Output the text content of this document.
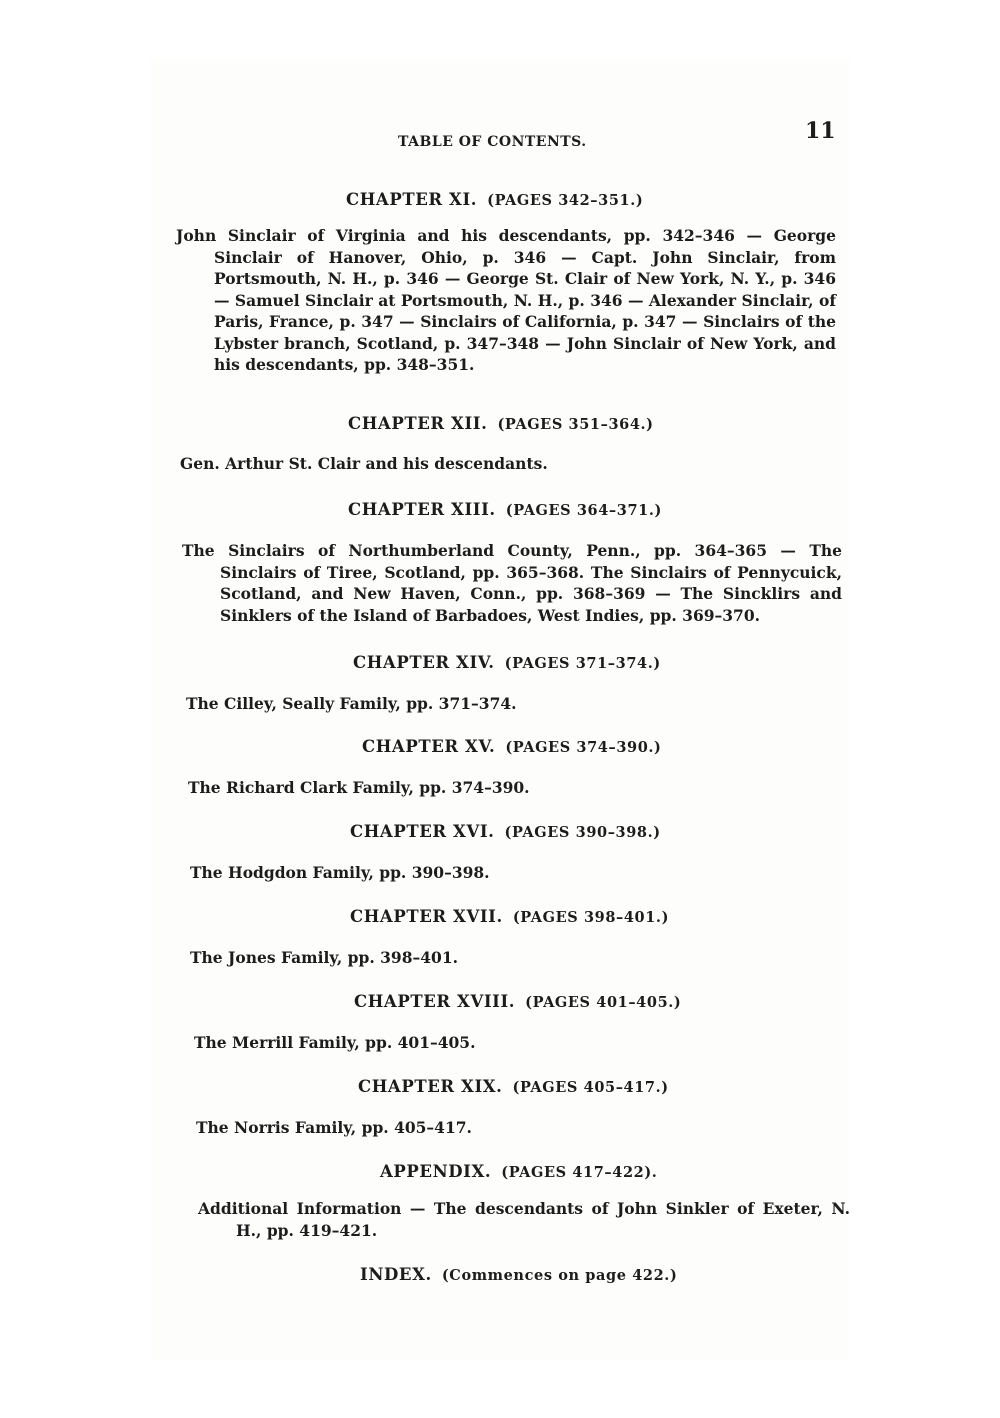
TABLE OF CONTENTS.	11
CHAPTER XI. (PAGES 342–351.)
John Sinclair of Virginia and his descendants, pp. 342–346 — George Sinclair of Hanover, Ohio, p. 346 — Capt. John Sinclair, from Portsmouth, N. H., p. 346 — George St. Clair of New York, N. Y., p. 346 — Samuel Sinclair at Portsmouth, N. H., p. 346 — Alexander Sinclair, of Paris, France, p. 347 — Sinclairs of California, p. 347 — Sinclairs of the Lybster branch, Scotland, p. 347–348 — John Sinclair of New York, and his descendants, pp. 348–351.
CHAPTER XII. (PAGES 351–364.)
Gen. Arthur St. Clair and his descendants.
CHAPTER XIII. (PAGES 364–371.)
The Sinclairs of Northumberland County, Penn., pp. 364–365 — The Sinclairs of Tiree, Scotland, pp. 365–368. The Sinclairs of Pennycuick, Scotland, and New Haven, Conn., pp. 368–369 — The Sincklirs and Sinklers of the Island of Barbadoes, West Indies, pp. 369–370.
CHAPTER XIV. (PAGES 371–374.)
The Cilley, Seally Family, pp. 371–374.
CHAPTER XV. (PAGES 374–390.)
The Richard Clark Family, pp. 374–390.
CHAPTER XVI. (PAGES 390–398.)
The Hodgdon Family, pp. 390–398.
CHAPTER XVII. (PAGES 398–401.)
The Jones Family, pp. 398–401.
CHAPTER XVIII. (PAGES 401–405.)
The Merrill Family, pp. 401–405.
CHAPTER XIX. (PAGES 405–417.)
The Norris Family, pp. 405–417.
APPENDIX. (PAGES 417–422).
Additional Information — The descendants of John Sinkler of Exeter, N. H., pp. 419–421.
INDEX. (Commences on page 422.)
